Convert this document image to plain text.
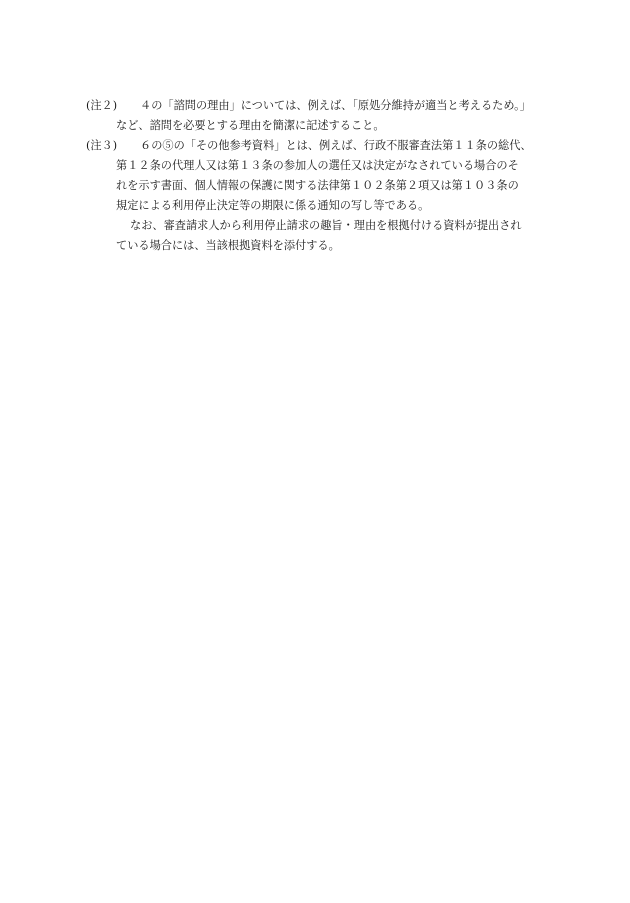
(注２)	４の「諮問の理由」については、例えば、「原処分維持が適当と考えるため。」
など、諮問を必要とする理由を簡潔に記述すること。
(注３)	６の⑤の「その他参考資料」とは、例えば、行政不服審査法第１１条の総代、
第１２条の代理人又は第１３条の参加人の選任又は決定がなされている場合のそ
れを示す書面、個人情報の保護に関する法律第１０２条第２項又は第１０３条の
規定による利用停止決定等の期限に係る通知の写し等である。
なお、審査請求人から利用停止請求の趣旨・理由を根拠付ける資料が提出され
ている場合には、当該根拠資料を添付する。
